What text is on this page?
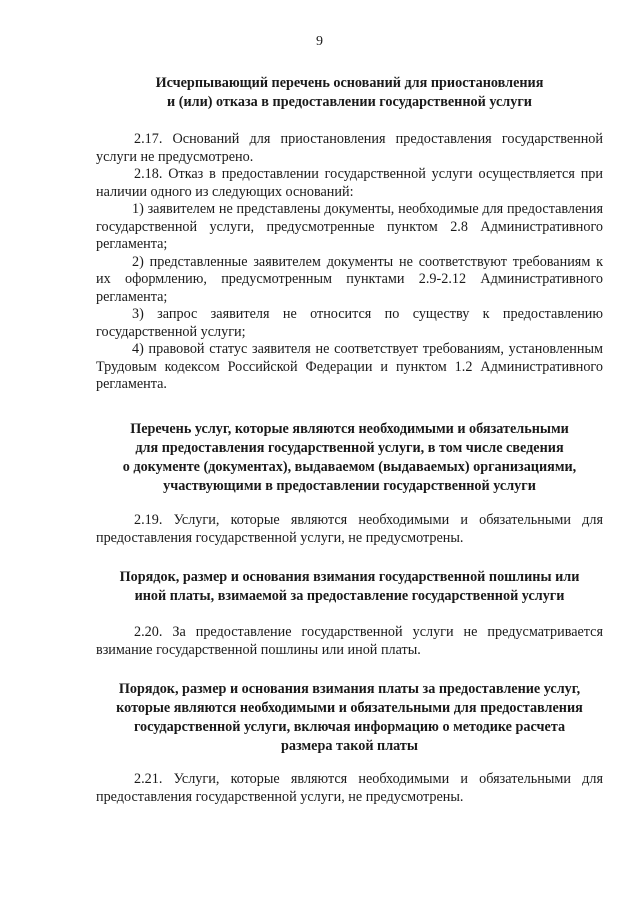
9
Исчерпывающий перечень оснований для приостановления
и (или) отказа в предоставлении государственной услуги

2.17. Оснований для приостановления предоставления государственной услуги не предусмотрено.

2.18. Отказ в предоставлении государственной услуги осуществляется при наличии одного из следующих оснований:

1) заявителем не представлены документы, необходимые для предоставления государственной услуги, предусмотренные пунктом 2.8 Административного регламента;

2) представленные заявителем документы не соответствуют требованиям к их оформлению, предусмотренным пунктами 2.9-2.12 Административного регламента;

3) запрос заявителя не относится по существу к предоставлению государственной услуги;

4) правовой статус заявителя не соответствует требованиям, установленным Трудовым кодексом Российской Федерации и пунктом 1.2 Административного регламента.

Перечень услуг, которые являются необходимыми и обязательными
для предоставления государственной услуги, в том числе сведения
о документе (документах), выдаваемом (выдаваемых) организациями,
участвующими в предоставлении государственной услуги

2.19. Услуги, которые являются необходимыми и обязательными для предоставления государственной услуги, не предусмотрены.

Порядок, размер и основания взимания государственной пошлины или
иной платы, взимаемой за предоставление государственной услуги

2.20. За предоставление государственной услуги не предусматривается взимание государственной пошлины или иной платы.

Порядок, размер и основания взимания платы за предоставление услуг,
которые являются необходимыми и обязательными для предоставления
государственной услуги, включая информацию о методике расчета
размера такой платы

2.21. Услуги, которые являются необходимыми и обязательными для предоставления государственной услуги, не предусмотрены.
